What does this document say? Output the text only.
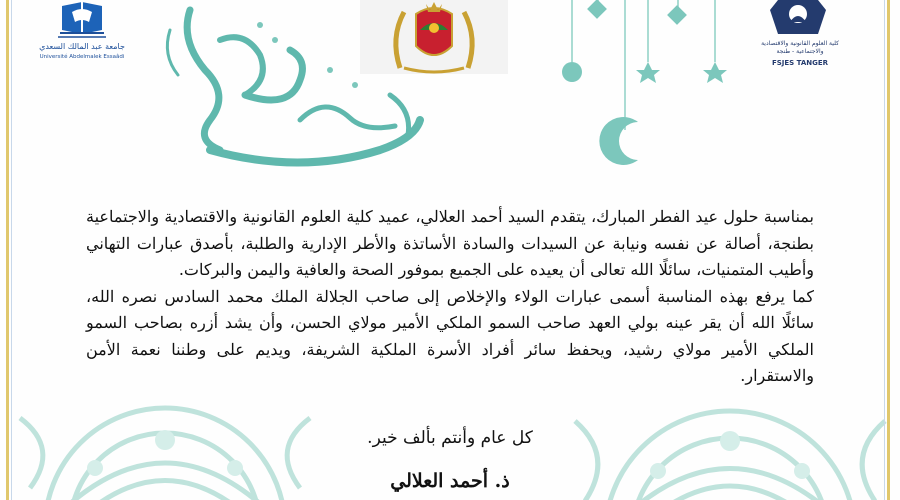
جامعة عبد المالك السعدي
Université Abdelmalek Essaâdi
كلية العلوم القانونية والاقتصادية والاجتماعية - طنجة
FSJES TANGER

بمناسبة حلول عيد الفطر المبارك، يتقدم السيد أحمد العلالي، عميد كلية العلوم القانونية والاقتصادية والاجتماعية بطنجة، أصالة عن نفسه ونيابة عن السيدات والسادة الأساتذة والأطر الإدارية والطلبة، بأصدق عبارات التهاني وأطيب المتمنيات، سائلًا الله تعالى أن يعيده على الجميع بموفور الصحة والعافية واليمن والبركات.

كما يرفع بهذه المناسبة أسمى عبارات الولاء والإخلاص إلى صاحب الجلالة الملك محمد السادس نصره الله، سائلًا الله أن يقر عينه بولي العهد صاحب السمو الملكي الأمير مولاي الحسن، وأن يشد أزره بصاحب السمو الملكي الأمير مولاي رشيد، ويحفظ سائر أفراد الأسرة الملكية الشريفة، ويديم على وطننا نعمة الأمن والاستقرار.

كل عام وأنتم بألف خير.
ذ. أحمد العلالي
